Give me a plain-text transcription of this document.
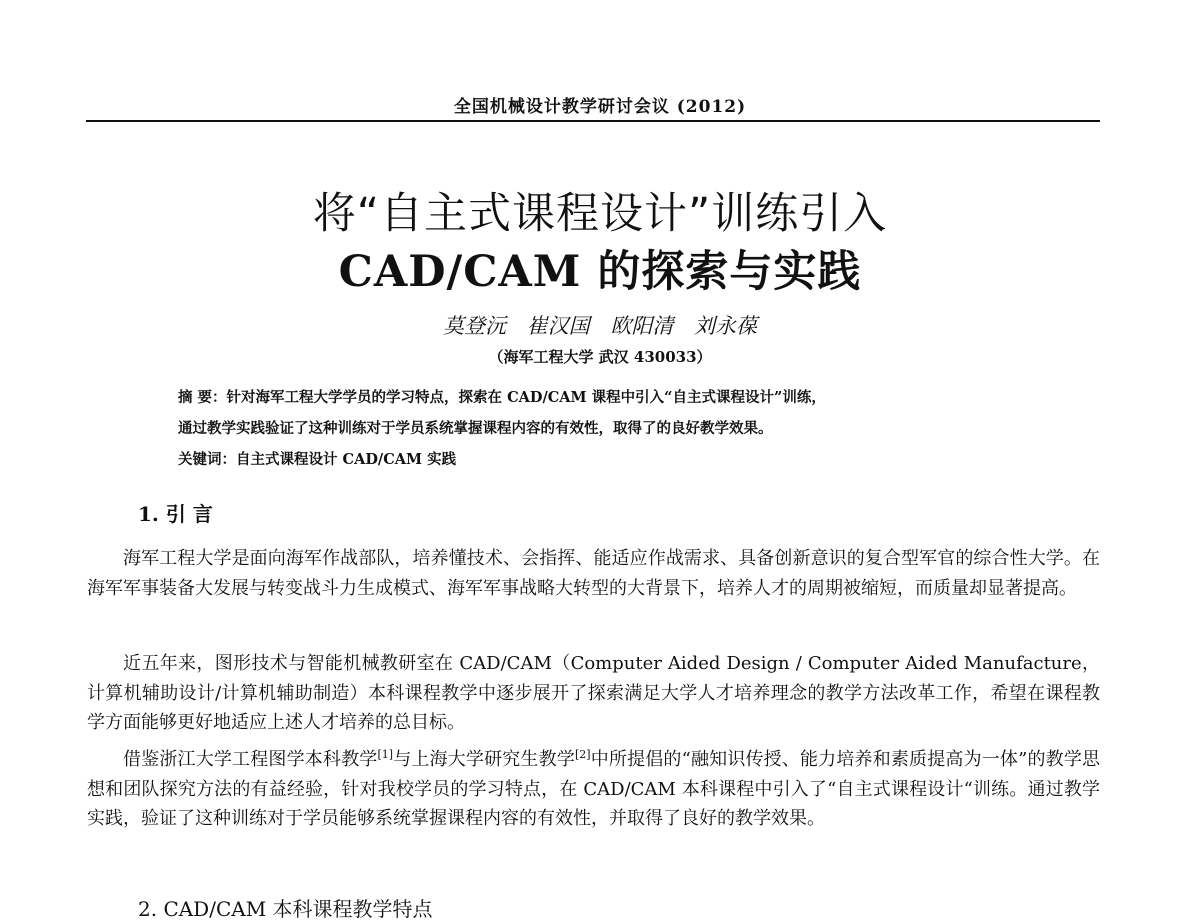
全国机械设计教学研讨会议 (2012)
将“自主式课程设计”训练引入
CAD/CAM 的探索与实践
莫登沅 崔汉国 欧阳清 刘永葆
（海军工程大学 武汉 430033）
摘 要：针对海军工程大学学员的学习特点，探索在 CAD/CAM 课程中引入“自主式课程设计”训练，
通过教学实践验证了这种训练对于学员系统掌握课程内容的有效性，取得了的良好教学效果。
关键词：自主式课程设计 CAD/CAM 实践
1. 引 言

海军工程大学是面向海军作战部队，培养懂技术、会指挥、能适应作战需求、具备创新意识的复合型军官的综合性大学。在海军军事装备大发展与转变战斗力生成模式、海军军事战略大转型的大背景下，培养人才的周期被缩短，而质量却显著提高。

近五年来，图形技术与智能机械教研室在 CAD/CAM（Computer Aided Design / Computer Aided Manufacture，计算机辅助设计/计算机辅助制造）本科课程教学中逐步展开了探索满足大学人才培养理念的教学方法改革工作，希望在课程教学方面能够更好地适应上述人才培养的总目标。

借鉴浙江大学工程图学本科教学[1]与上海大学研究生教学[2]中所提倡的“融知识传授、能力培养和素质提高为一体”的教学思想和团队探究方法的有益经验，针对我校学员的学习特点，在 CAD/CAM 本科课程中引入了“自主式课程设计“训练。通过教学实践，验证了这种训练对于学员能够系统掌握课程内容的有效性，并取得了良好的教学效果。

2. CAD/CAM 本科课程教学特点
